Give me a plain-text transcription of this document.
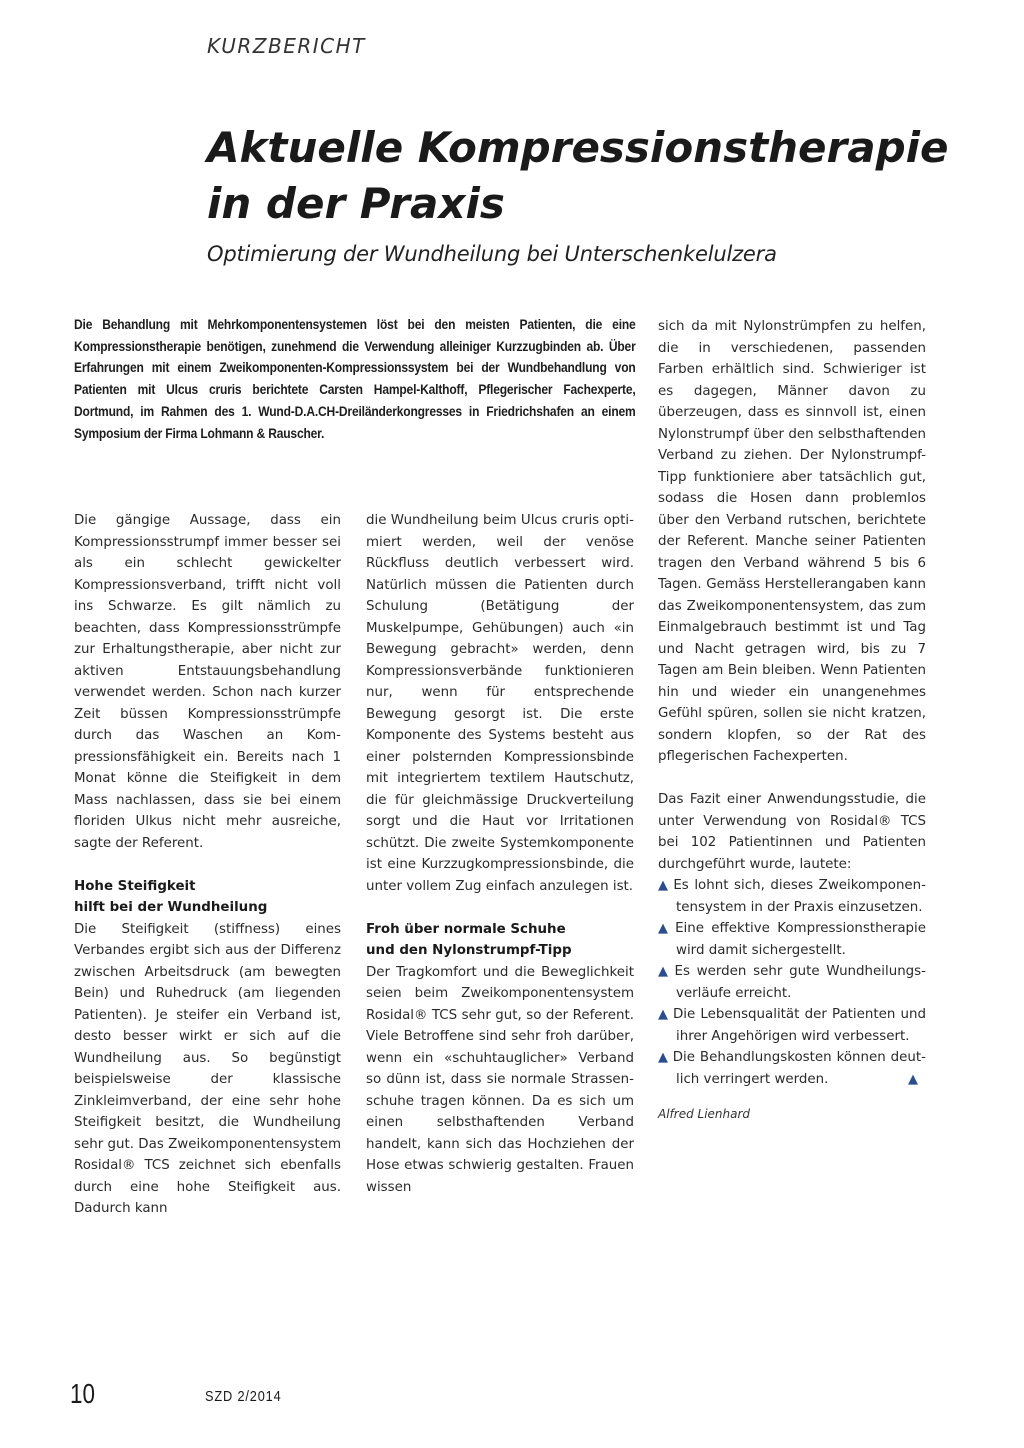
KURZBERICHT
Aktuelle Kompressionstherapie
in der Praxis
Optimierung der Wundheilung bei Unterschenkelulzera
Die Behandlung mit Mehrkomponentensystemen löst bei den meisten Patienten, die eine Kompressionstherapie benötigen, zunehmend die Verwendung alleiniger Kurzzugbinden ab. Über Erfahrungen mit einem Zweikomponenten-Kompressionssystem bei der Wundbehandlung von Patienten mit Ulcus cruris berichtete Carsten Hampel-Kalthoff, Pflegerischer Fachexperte, Dortmund, im Rahmen des 1. Wund-D.A.CH-Dreiländerkongresses in Friedrichshafen an einem Symposium der Firma Lohmann & Rauscher.

Die gängige Aussage, dass ein Kompressionsstrumpf immer besser sei als ein schlecht gewickelter Kompressionsverband, trifft nicht voll ins Schwarze. Es gilt nämlich zu beachten, dass Kompressionsstrümpfe zur Erhaltungstherapie, aber nicht zur aktiven Entstauungsbehandlung verwendet werden. Schon nach kurzer Zeit büssen Kompressionsstrümpfe durch das Waschen an Kompressionsfähigkeit ein. Bereits nach 1 Monat könne die Steifigkeit in dem Mass nachlassen, dass sie bei einem floriden Ulkus nicht mehr ausreiche, sagte der Referent.

Hohe Steifigkeit
hilft bei der Wundheilung

Die Steifigkeit (stiffness) eines Verbandes ergibt sich aus der Differenz zwischen Arbeitsdruck (am bewegten Bein) und Ruhedruck (am liegenden Patienten). Je steifer ein Verband ist, desto besser wirkt er sich auf die Wundheilung aus. So begünstigt beispielsweise der klassische Zinkleimverband, der eine sehr hohe Steifigkeit besitzt, die Wundheilung sehr gut. Das Zweikomponentensystem Rosidal® TCS zeichnet sich ebenfalls durch eine hohe Steifigkeit aus. Dadurch kann

die Wundheilung beim Ulcus cruris optimiert werden, weil der venöse Rückfluss deutlich verbessert wird. Natürlich müssen die Patienten durch Schulung (Betätigung der Muskelpumpe, Gehübungen) auch «in Bewegung gebracht» werden, denn Kompressionsverbände funktionieren nur, wenn für entsprechende Bewegung gesorgt ist. Die erste Komponente des Systems besteht aus einer polsternden Kompressionsbinde mit integriertem textilem Hautschutz, die für gleichmässige Druckverteilung sorgt und die Haut vor Irritationen schützt. Die zweite Systemkomponente ist eine Kurzzugkompressionsbinde, die unter vollem Zug einfach anzulegen ist.

Froh über normale Schuhe
und den Nylonstrumpf-Tipp

Der Tragkomfort und die Beweglichkeit seien beim Zweikomponentensystem Rosidal® TCS sehr gut, so der Referent. Viele Betroffene sind sehr froh darüber, wenn ein «schuhtauglicher» Verband so dünn ist, dass sie normale Strassenschuhe tragen können. Da es sich um einen selbsthaftenden Verband handelt, kann sich das Hochziehen der Hose etwas schwierig gestalten. Frauen wissen

sich da mit Nylonstrümpfen zu helfen, die in verschiedenen, passenden Farben erhältlich sind. Schwieriger ist es dagegen, Männer davon zu überzeugen, dass es sinnvoll ist, einen Nylonstrumpf über den selbsthaftenden Verband zu ziehen. Der Nylonstrumpf-Tipp funktioniere aber tatsächlich gut, sodass die Hosen dann problemlos über den Verband rutschen, berichtete der Referent. Manche seiner Patienten tragen den Verband während 5 bis 6 Tagen. Gemäss Herstellerangaben kann das Zweikomponentensystem, das zum Einmalgebrauch bestimmt ist und Tag und Nacht getragen wird, bis zu 7 Tagen am Bein bleiben. Wenn Patienten hin und wieder ein unangenehmes Gefühl spüren, sollen sie nicht kratzen, sondern klopfen, so der Rat des pflegerischen Fachexperten.

Das Fazit einer Anwendungsstudie, die unter Verwendung von Rosidal® TCS bei 102 Patientinnen und Patienten durchgeführt wurde, lautete:

▲ Es lohnt sich, dieses Zweikomponentensystem in der Praxis einzusetzen.

▲ Eine effektive Kompressionstherapie wird damit sichergestellt.

▲ Es werden sehr gute Wundheilungsverläufe erreicht.

▲ Die Lebensqualität der Patienten und ihrer Angehörigen wird verbessert.

▲ Die Behandlungskosten können deutlich verringert werden.	▲

Alfred Lienhard

10	SZD 2/2014
